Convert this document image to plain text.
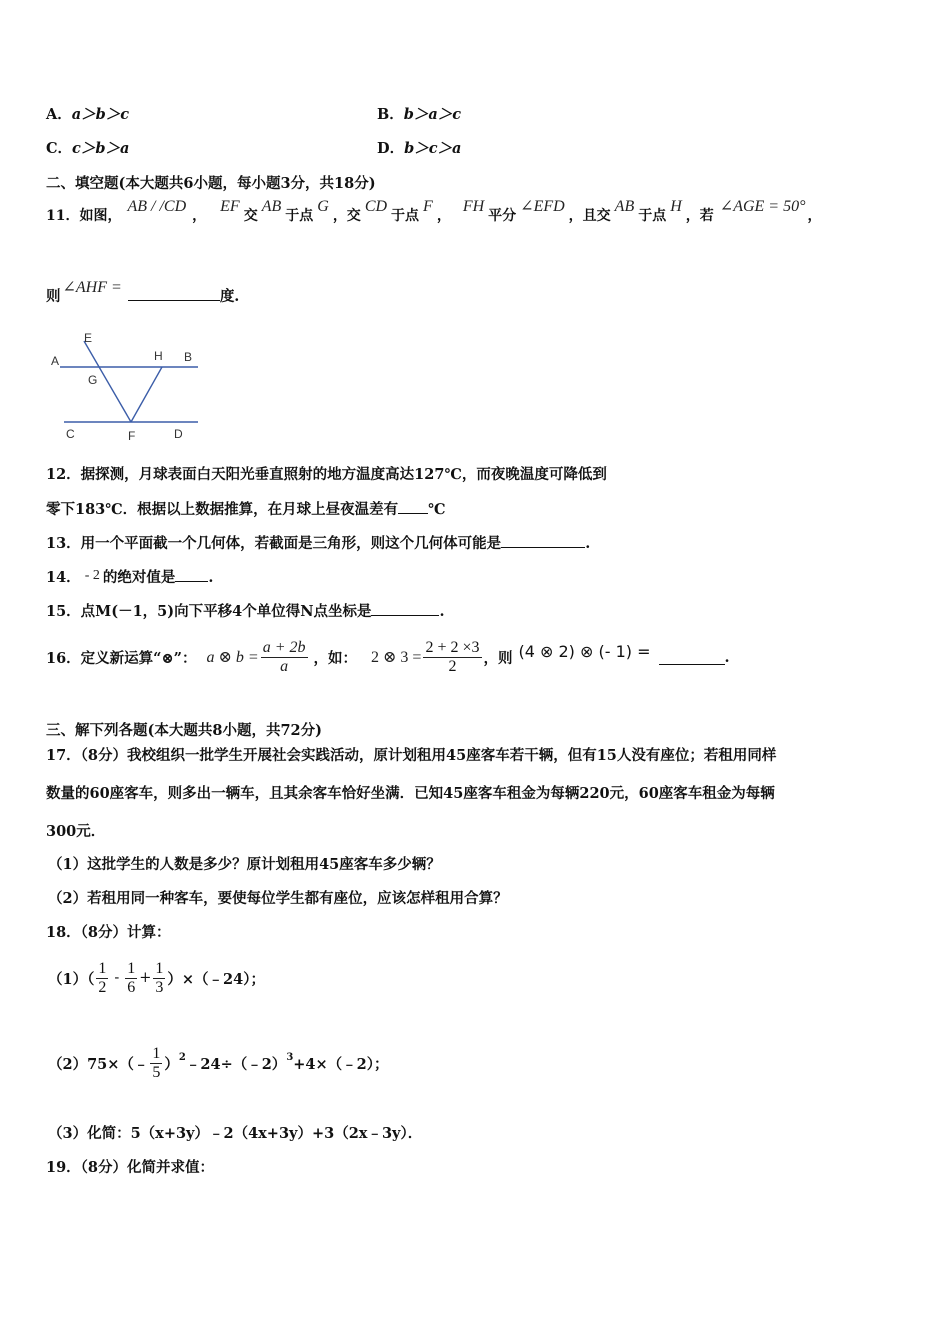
A．a＞b＞c	B．b＞a＞c
C．c＞b＞a	D．b＞c＞a
二、填空题(本大题共6小题，每小题3分，共18分)
11．如图，AB / /CD，EF交AB于点G，交CD于点F，FH平分∠EFD，且交AB于点H，若∠AGE = 50°，
则∠AHF =度.
A	B
C	D
E
F
G
H
12．据探测，月球表面白天阳光垂直照射的地方温度高达127℃，而夜晚温度可降低到
零下183℃．根据以上数据推算，在月球上昼夜温差有 ℃
13．用一个平面截一个几何体，若截面是三角形，则这个几何体可能是	.
14． - 2 的绝对值是 .
15．点M(－1，5)向下平移4个单位得N点坐标是	.
16．定义新运算“⊗”： a ⊗ $b = \frac{a + 2b}{a}$ ，如： 2 ⊗ $3 = \frac{2 + 2 \times 3}{2}$ ，则 (4 ⊗ 2) ⊗ (- 1) =	.
三、解下列各题(本大题共8小题，共72分)
17．（8分）我校组织一批学生开展社会实践活动，原计划租用45座客车若干辆，但有15人没有座位；若租用同样
数量的60座客车，则多出一辆车，且其余客车恰好坐满．已知45座客车租金为每辆220元，60座客车租金为每辆
300元．
（1）这批学生的人数是多少？原计划租用45座客车多少辆？
（2）若租用同一种客车，要使每位学生都有座位，应该怎样租用合算？
18．（8分）计算：
$(1)( \frac{1}{2} - \frac{1}{6} + \frac{1}{3}$ ）×（﹣24）；
（2）75×（﹣ $\frac{1}{5}$ ） 2 ﹣24÷（﹣2） 3 +4×（﹣2）；
（3）化简：5（x+3y）﹣2（4x+3y）+3（2x﹣3y）．
19．（8分）化简并求值：
